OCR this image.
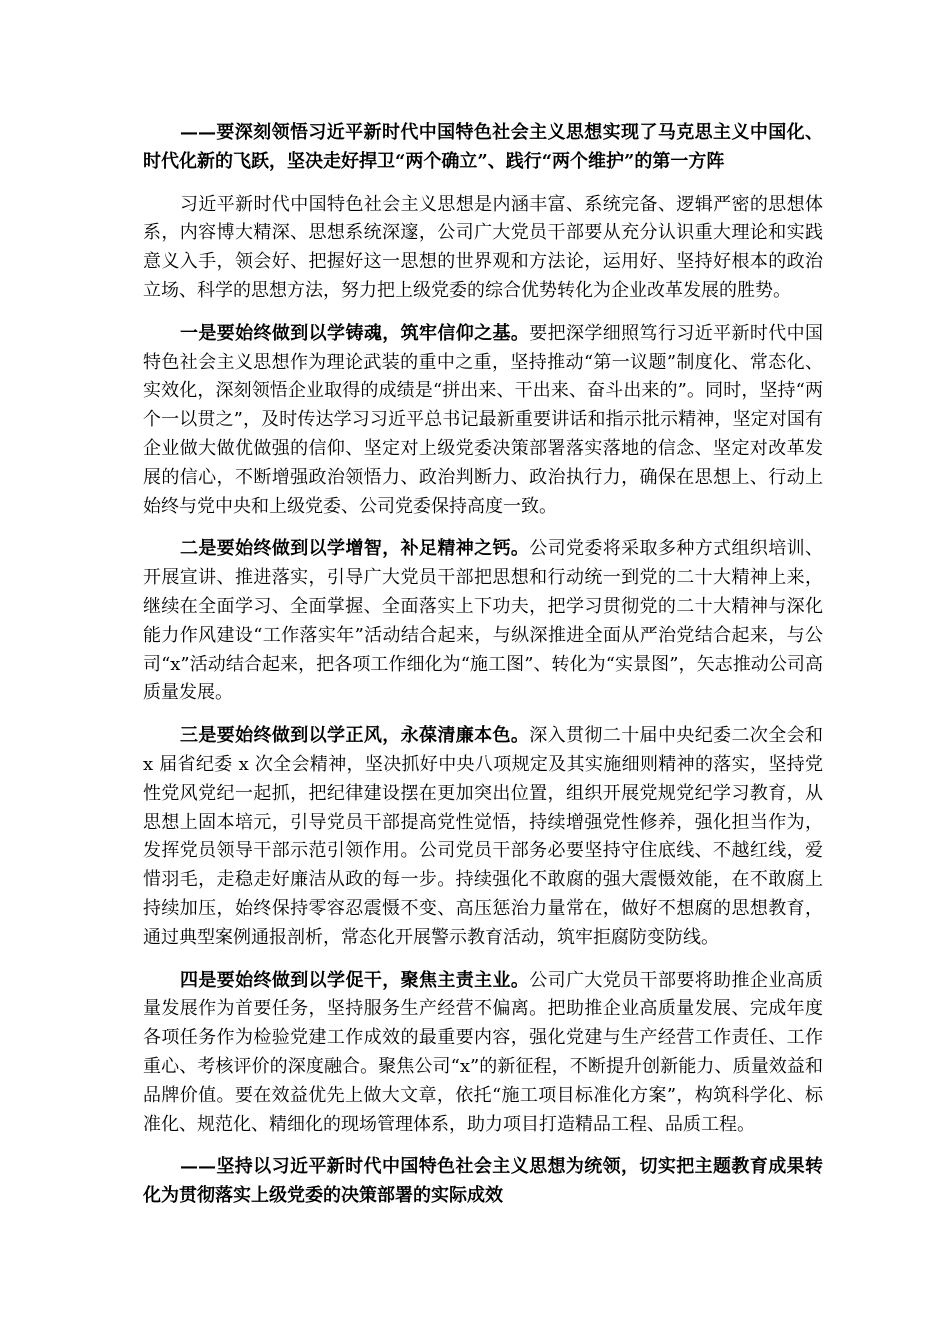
——要深刻领悟习近平新时代中国特色社会主义思想实现了马克思主义中国化、时代化新的飞跃，坚决走好捍卫“两个确立”、践行“两个维护”的第一方阵

习近平新时代中国特色社会主义思想是内涵丰富、系统完备、逻辑严密的思想体系，内容博大精深、思想系统深邃，公司广大党员干部要从充分认识重大理论和实践意义入手，领会好、把握好这一思想的世界观和方法论，运用好、坚持好根本的政治立场、科学的思想方法，努力把上级党委的综合优势转化为企业改革发展的胜势。

一是要始终做到以学铸魂，筑牢信仰之基。要把深学细照笃行习近平新时代中国特色社会主义思想作为理论武装的重中之重，坚持推动“第一议题”制度化、常态化、实效化，深刻领悟企业取得的成绩是“拼出来、干出来、奋斗出来的”。同时，坚持“两个一以贯之”，及时传达学习习近平总书记最新重要讲话和指示批示精神，坚定对国有企业做大做优做强的信仰、坚定对上级党委决策部署落实落地的信念、坚定对改革发展的信心，不断增强政治领悟力、政治判断力、政治执行力，确保在思想上、行动上始终与党中央和上级党委、公司党委保持高度一致。

二是要始终做到以学增智，补足精神之钙。公司党委将采取多种方式组织培训、开展宣讲、推进落实，引导广大党员干部把思想和行动统一到党的二十大精神上来，继续在全面学习、全面掌握、全面落实上下功夫，把学习贯彻党的二十大精神与深化能力作风建设“工作落实年”活动结合起来，与纵深推进全面从严治党结合起来，与公司“x”活动结合起来，把各项工作细化为“施工图”、转化为“实景图”，矢志推动公司高质量发展。

三是要始终做到以学正风，永葆清廉本色。深入贯彻二十届中央纪委二次全会和 x 届省纪委 x 次全会精神，坚决抓好中央八项规定及其实施细则精神的落实，坚持党性党风党纪一起抓，把纪律建设摆在更加突出位置，组织开展党规党纪学习教育，从思想上固本培元，引导党员干部提高党性觉悟，持续增强党性修养，强化担当作为，发挥党员领导干部示范引领作用。公司党员干部务必要坚持守住底线、不越红线，爱惜羽毛，走稳走好廉洁从政的每一步。持续强化不敢腐的强大震慑效能，在不敢腐上持续加压，始终保持零容忍震慑不变、高压惩治力量常在，做好不想腐的思想教育，通过典型案例通报剖析，常态化开展警示教育活动，筑牢拒腐防变防线。

四是要始终做到以学促干，聚焦主责主业。公司广大党员干部要将助推企业高质量发展作为首要任务，坚持服务生产经营不偏离。把助推企业高质量发展、完成年度各项任务作为检验党建工作成效的最重要内容，强化党建与生产经营工作责任、工作重心、考核评价的深度融合。聚焦公司“x”的新征程，不断提升创新能力、质量效益和品牌价值。要在效益优先上做大文章，依托“施工项目标准化方案”，构筑科学化、标准化、规范化、精细化的现场管理体系，助力项目打造精品工程、品质工程。

——坚持以习近平新时代中国特色社会主义思想为统领，切实把主题教育成果转化为贯彻落实上级党委的决策部署的实际成效
